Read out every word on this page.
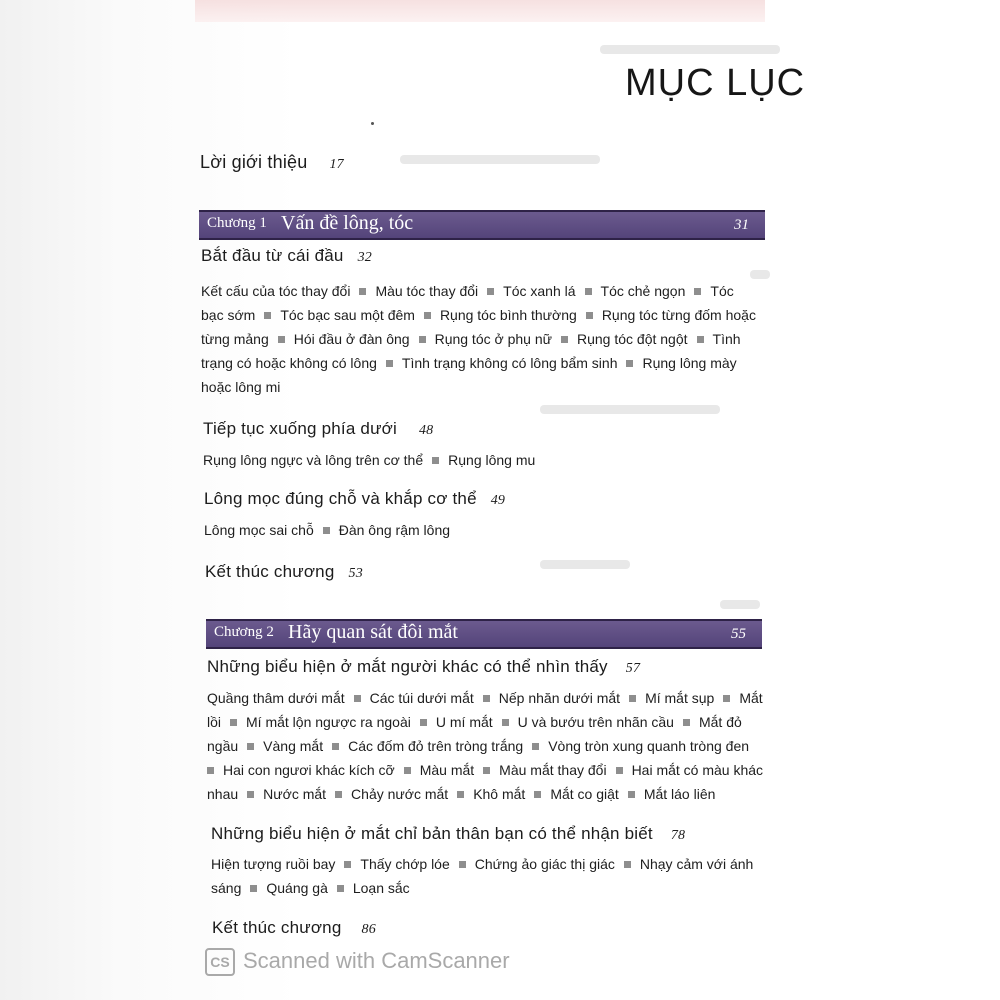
MỤC LỤC
Lời giới thiệu 17
Chương 1 Vấn đề lông, tóc	31
Bắt đầu từ cái đầu 32
Kết cấu của tóc thay đổi Màu tóc thay đổi Tóc xanh lá Tóc chẻ ngọn Tóc
bạc sớm Tóc bạc sau một đêm Rụng tóc bình thường Rụng tóc từng đốm hoặc
từng mảng Hói đầu ở đàn ông Rụng tóc ở phụ nữ Rụng tóc đột ngột Tình
trạng có hoặc không có lông Tình trạng không có lông bẩm sinh Rụng lông mày
hoặc lông mi
Tiếp tục xuống phía dưới 48
Rụng lông ngực và lông trên cơ thể Rụng lông mu
Lông mọc đúng chỗ và khắp cơ thể 49
Lông mọc sai chỗ Đàn ông rậm lông
Kết thúc chương 53
Chương 2 Hãy quan sát đôi mắt	55
Những biểu hiện ở mắt người khác có thể nhìn thấy 57
Quầng thâm dưới mắt Các túi dưới mắt Nếp nhăn dưới mắt Mí mắt sụp Mắt
lồi Mí mắt lộn ngược ra ngoài U mí mắt U và bướu trên nhãn cầu Mắt đỏ
ngầu Vàng mắt Các đốm đỏ trên tròng trắng Vòng tròn xung quanh tròng đen
Hai con ngươi khác kích cỡ Màu mắt Màu mắt thay đổi Hai mắt có màu khác
nhau Nước mắt Chảy nước mắt Khô mắt Mắt co giật Mắt láo liên
Những biểu hiện ở mắt chỉ bản thân bạn có thể nhận biết 78
Hiện tượng ruồi bay Thấy chớp lóe Chứng ảo giác thị giác Nhạy cảm với ánh
sáng Quáng gà Loạn sắc
Kết thúc chương 86
CS Scanned with CamScanner
